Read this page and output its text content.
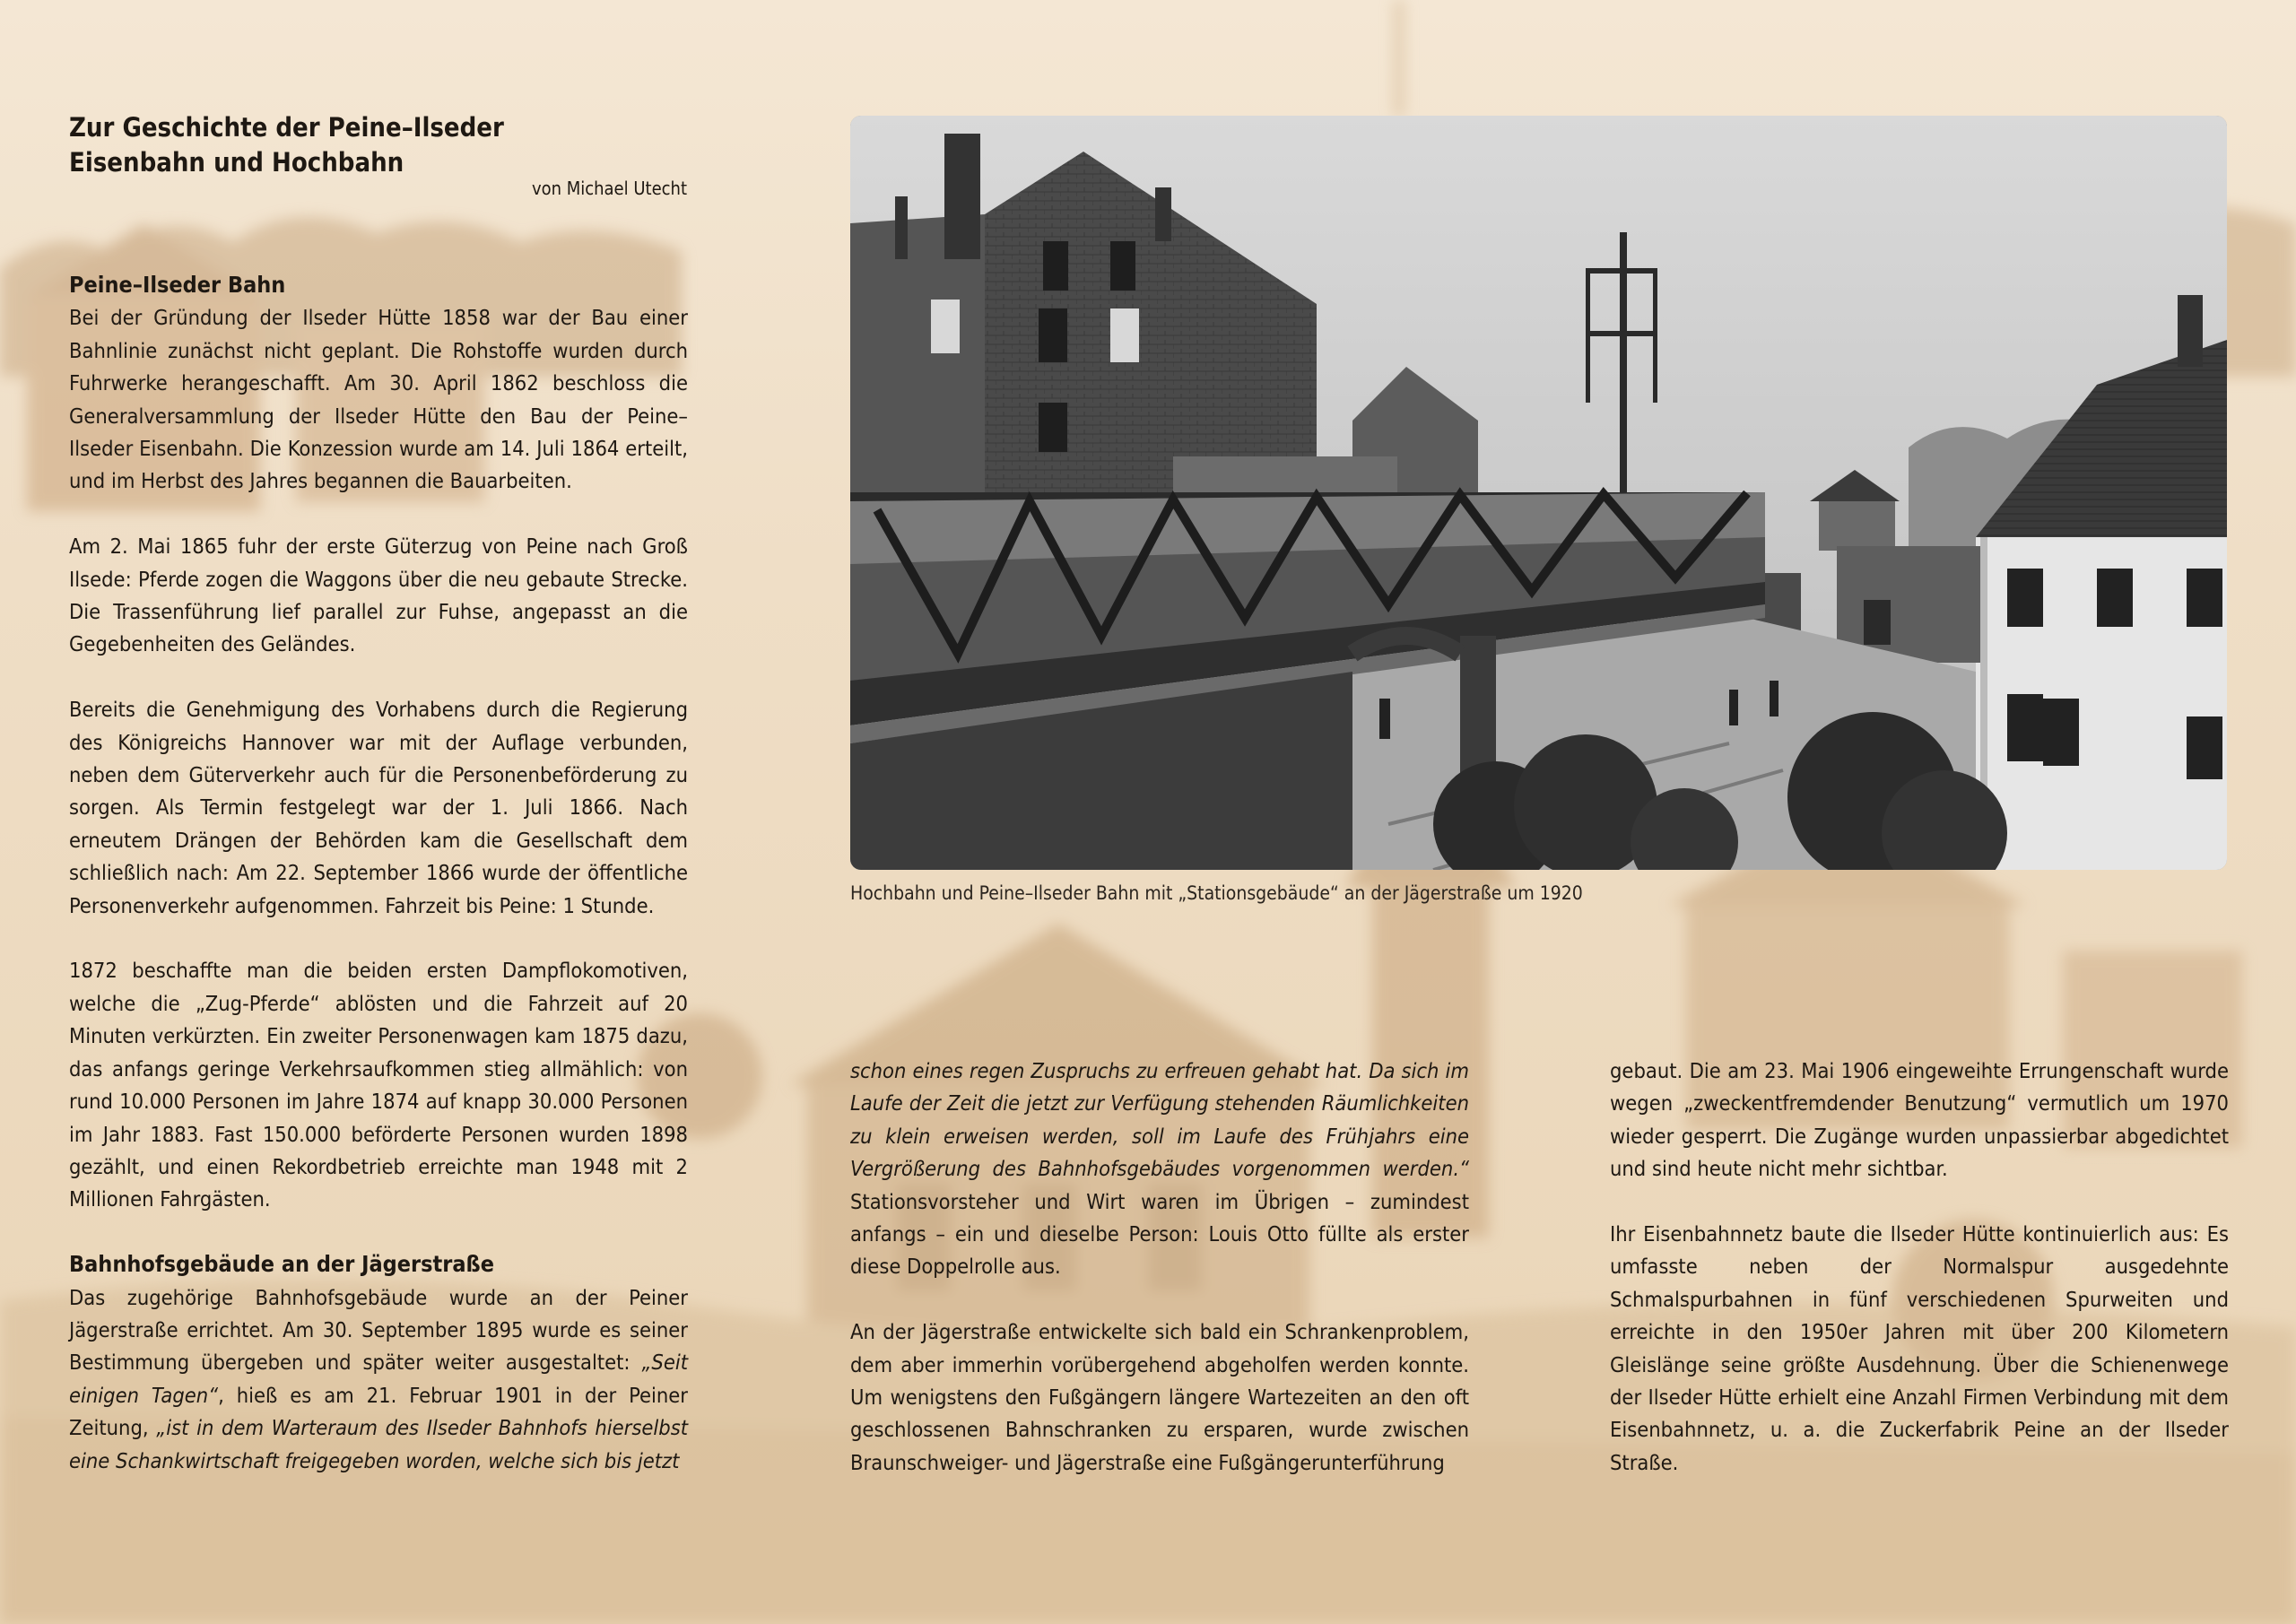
Zur Geschichte der Peine–Ilseder
Eisenbahn und Hochbahn
von Michael Utecht
Peine–Ilseder Bahn

Bei der Gründung der Ilseder Hütte 1858 war der Bau einer Bahnlinie zunächst nicht geplant. Die Rohstoffe wurden durch Fuhrwerke herangeschafft. Am 30. April 1862 beschloss die Generalversammlung der Ilseder Hütte den Bau der Peine–Ilseder Eisenbahn. Die Konzession wurde am 14. Juli 1864 erteilt, und im Herbst des Jahres begannen die Bauarbeiten.

Am 2. Mai 1865 fuhr der erste Güterzug von Peine nach Groß Ilsede: Pferde zogen die Waggons über die neu gebaute Strecke. Die Trassenführung lief parallel zur Fuhse, angepasst an die Gegebenheiten des Geländes.

Bereits die Genehmigung des Vorhabens durch die Regierung des Königreichs Hannover war mit der Auflage verbunden, neben dem Güterverkehr auch für die Personenbeförderung zu sorgen. Als Termin festgelegt war der 1. Juli 1866. Nach erneutem Drängen der Behörden kam die Gesellschaft dem schließlich nach: Am 22. September 1866 wurde der öffentliche Personenverkehr aufgenommen. Fahrzeit bis Peine: 1 Stunde.

1872 beschaffte man die beiden ersten Dampflokomotiven, welche die „Zug-Pferde“ ablösten und die Fahrzeit auf 20 Minuten verkürzten. Ein zweiter Personenwagen kam 1875 dazu, das anfangs geringe Verkehrsaufkommen stieg allmählich: von rund 10.000 Personen im Jahre 1874 auf knapp 30.000 Personen im Jahr 1883. Fast 150.000 beförderte Personen wurden 1898 gezählt, und einen Rekordbetrieb erreichte man 1948 mit 2 Millionen Fahrgästen.

Bahnhofsgebäude an der Jägerstraße

Das zugehörige Bahnhofsgebäude wurde an der Peiner Jägerstraße errichtet. Am 30. September 1895 wurde es seiner Bestimmung übergeben und später weiter ausgestaltet: „Seit einigen Tagen“, hieß es am 21. Februar 1901 in der Peiner Zeitung, „ist in dem Warteraum des Ilseder Bahnhofs hierselbst eine Schankwirtschaft freigegeben worden, welche sich bis jetzt

Hochbahn und Peine–Ilseder Bahn mit „Stationsgebäude“ an der Jägerstraße um 1920

schon eines regen Zuspruchs zu erfreuen gehabt hat. Da sich im Laufe der Zeit die jetzt zur Verfügung stehenden Räumlichkeiten zu klein erweisen werden, soll im Laufe des Frühjahrs eine Vergrößerung des Bahnhofsgebäudes vorgenommen werden.“ Stationsvorsteher und Wirt waren im Übrigen – zumindest anfangs – ein und dieselbe Person: Louis Otto füllte als erster diese Doppelrolle aus.

An der Jägerstraße entwickelte sich bald ein Schrankenproblem, dem aber immerhin vorübergehend abgeholfen werden konnte. Um wenigstens den Fußgängern längere Wartezeiten an den oft geschlossenen Bahnschranken zu ersparen, wurde zwischen Braunschweiger- und Jägerstraße eine Fußgängerunterführung

gebaut. Die am 23. Mai 1906 eingeweihte Errungenschaft wurde wegen „zweckentfremdender Benutzung“ vermutlich um 1970 wieder gesperrt. Die Zugänge wurden unpassierbar abgedichtet und sind heute nicht mehr sichtbar.

Ihr Eisenbahnnetz baute die Ilseder Hütte kontinuierlich aus: Es umfasste neben der Normalspur ausgedehnte Schmalspurbahnen in fünf verschiedenen Spurweiten und erreichte in den 1950er Jahren mit über 200 Kilometern Gleislänge seine größte Ausdehnung. Über die Schienenwege der Ilseder Hütte erhielt eine Anzahl Firmen Verbindung mit dem Eisenbahnnetz, u. a. die Zuckerfabrik Peine an der Ilseder Straße.
